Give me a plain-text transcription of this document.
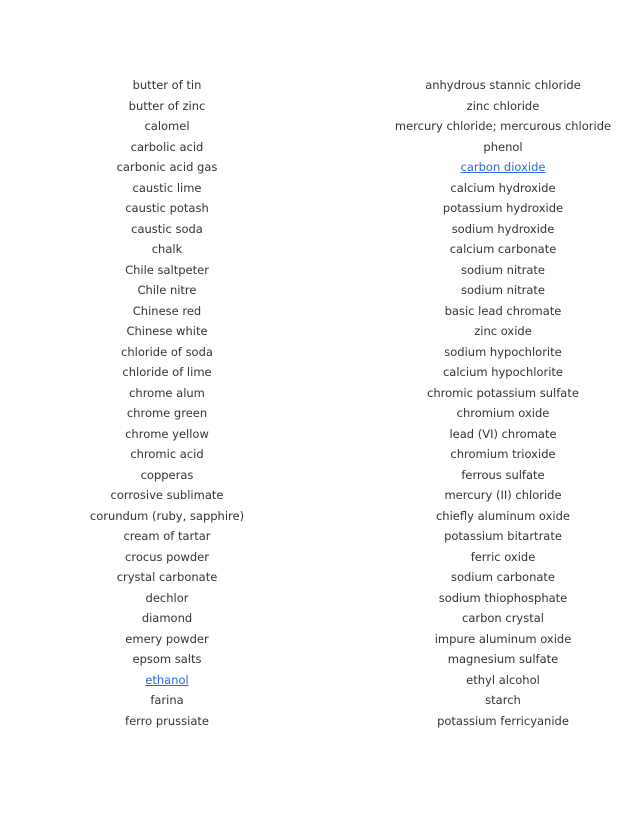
butter of tin	anhydrous stannic chloride

butter of zinc	zinc chloride

calomel	mercury chloride; mercurous chloride

carbolic acid	phenol

carbonic acid gas	carbon dioxide

caustic lime	calcium hydroxide

caustic potash	potassium hydroxide

caustic soda	sodium hydroxide

chalk	calcium carbonate

Chile saltpeter	sodium nitrate

Chile nitre	sodium nitrate

Chinese red	basic lead chromate

Chinese white	zinc oxide

chloride of soda	sodium hypochlorite

chloride of lime	calcium hypochlorite

chrome alum	chromic potassium sulfate

chrome green	chromium oxide

chrome yellow	lead (VI) chromate

chromic acid	chromium trioxide

copperas	ferrous sulfate

corrosive sublimate	mercury (II) chloride

corundum (ruby, sapphire)	chiefly aluminum oxide

cream of tartar	potassium bitartrate

crocus powder	ferric oxide

crystal carbonate	sodium carbonate

dechlor	sodium thiophosphate

diamond	carbon crystal

emery powder	impure aluminum oxide

epsom salts	magnesium sulfate

ethanol	ethyl alcohol

farina	starch

ferro prussiate	potassium ferricyanide
